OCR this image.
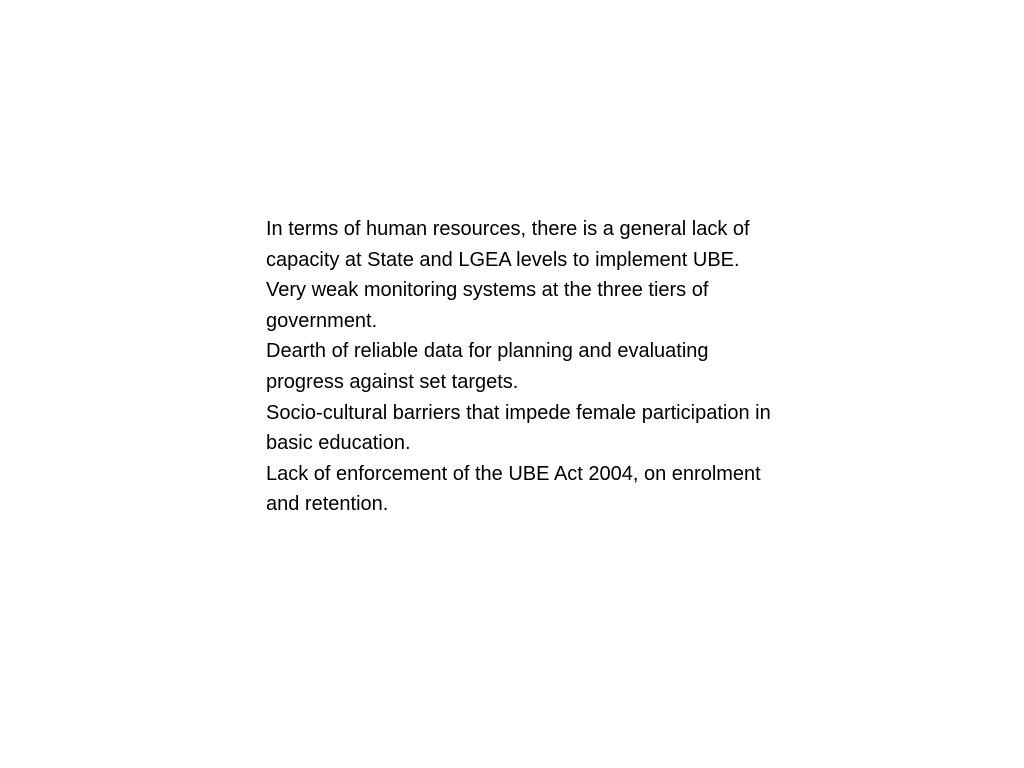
In terms of human resources, there is a general lack of capacity at State and LGEA levels to implement UBE.

Very weak monitoring systems at the three tiers of government.

Dearth of reliable data for planning and evaluating progress against set targets.

Socio-cultural barriers that impede female participation in basic education.

Lack of enforcement of the UBE Act 2004, on enrolment and retention.
